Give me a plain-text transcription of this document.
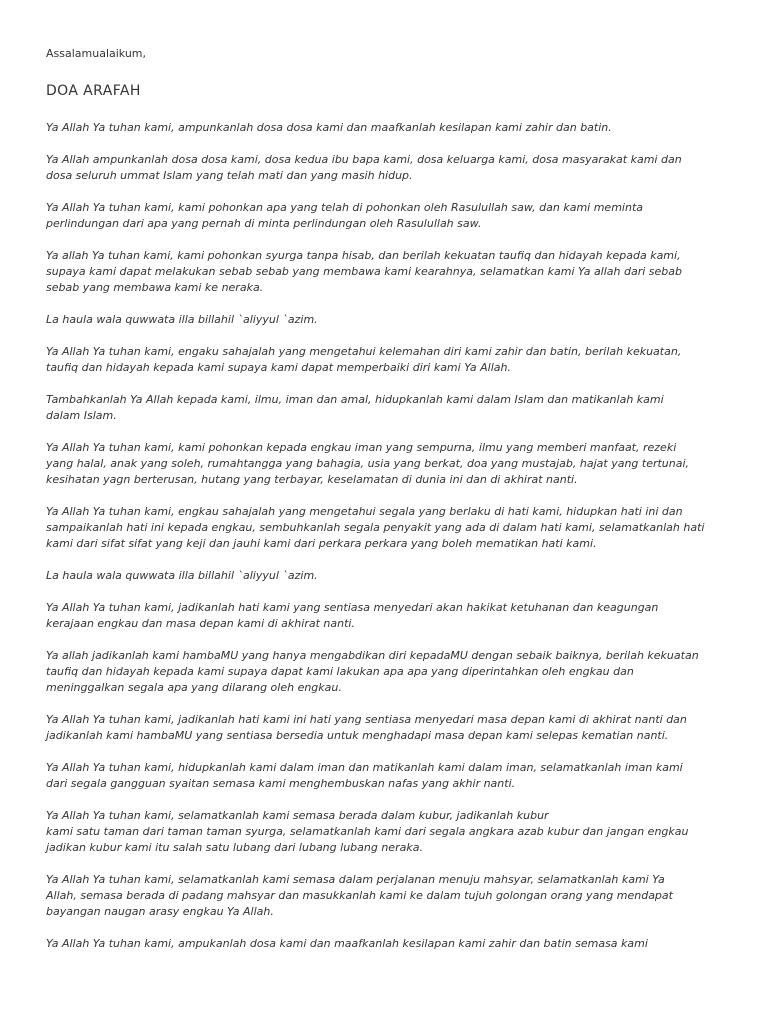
Assalamualaikum,

DOA ARAFAH

Ya Allah Ya tuhan kami, ampunkanlah dosa dosa kami dan maafkanlah kesilapan kami zahir dan batin.

Ya Allah ampunkanlah dosa dosa kami, dosa kedua ibu bapa kami, dosa keluarga kami, dosa masyarakat kami dan
dosa seluruh ummat Islam yang telah mati dan yang masih hidup.

Ya Allah Ya tuhan kami, kami pohonkan apa yang telah di pohonkan oleh Rasulullah saw, dan kami meminta
perlindungan dari apa yang pernah di minta perlindungan oleh Rasulullah saw.

Ya allah Ya tuhan kami, kami pohonkan syurga tanpa hisab, dan berilah kekuatan taufiq dan hidayah kepada kami,
supaya kami dapat melakukan sebab sebab yang membawa kami kearahnya, selamatkan kami Ya allah dari sebab
sebab yang membawa kami ke neraka.

La haula wala quwwata illa billahil `aliyyul `azim.

Ya Allah Ya tuhan kami, engaku sahajalah yang mengetahui kelemahan diri kami zahir dan batin, berilah kekuatan,
taufiq dan hidayah kepada kami supaya kami dapat memperbaiki diri kami Ya Allah.

Tambahkanlah Ya Allah kepada kami, ilmu, iman dan amal, hidupkanlah kami dalam Islam dan matikanlah kami
dalam Islam.

Ya Allah Ya tuhan kami, kami pohonkan kepada engkau iman yang sempurna, ilmu yang memberi manfaat, rezeki
yang halal, anak yang soleh, rumahtangga yang bahagia, usia yang berkat, doa yang mustajab, hajat yang tertunai,
kesihatan yagn berterusan, hutang yang terbayar, keselamatan di dunia ini dan di akhirat nanti.

Ya Allah Ya tuhan kami, engkau sahajalah yang mengetahui segala yang berlaku di hati kami, hidupkan hati ini dan
sampaikanlah hati ini kepada engkau, sembuhkanlah segala penyakit yang ada di dalam hati kami, selamatkanlah hati
kami dari sifat sifat yang keji dan jauhi kami dari perkara perkara yang boleh mematikan hati kami.

La haula wala quwwata illa billahil `aliyyul `azim.

Ya Allah Ya tuhan kami, jadikanlah hati kami yang sentiasa menyedari akan hakikat ketuhanan dan keagungan
kerajaan engkau dan masa depan kami di akhirat nanti.

Ya allah jadikanlah kami hambaMU yang hanya mengabdikan diri kepadaMU dengan sebaik baiknya, berilah kekuatan
taufiq dan hidayah kepada kami supaya dapat kami lakukan apa apa yang diperintahkan oleh engkau dan
meninggalkan segala apa yang dilarang oleh engkau.

Ya Allah Ya tuhan kami, jadikanlah hati kami ini hati yang sentiasa menyedari masa depan kami di akhirat nanti dan
jadikanlah kami hambaMU yang sentiasa bersedia untuk menghadapi masa depan kami selepas kematian nanti.

Ya Allah Ya tuhan kami, hidupkanlah kami dalam iman dan matikanlah kami dalam iman, selamatkanlah iman kami
dari segala gangguan syaitan semasa kami menghembuskan nafas yang akhir nanti.

Ya Allah Ya tuhan kami, selamatkanlah kami semasa berada dalam kubur, jadikanlah kubur
kami satu taman dari taman taman syurga, selamatkanlah kami dari segala angkara azab kubur dan jangan engkau
jadikan kubur kami itu salah satu lubang dari lubang lubang neraka.

Ya Allah Ya tuhan kami, selamatkanlah kami semasa dalam perjalanan menuju mahsyar, selamatkanlah kami Ya
Allah, semasa berada di padang mahsyar dan masukkanlah kami ke dalam tujuh golongan orang yang mendapat
bayangan naugan arasy engkau Ya Allah.

Ya Allah Ya tuhan kami, ampukanlah dosa kami dan maafkanlah kesilapan kami zahir dan batin semasa kami
